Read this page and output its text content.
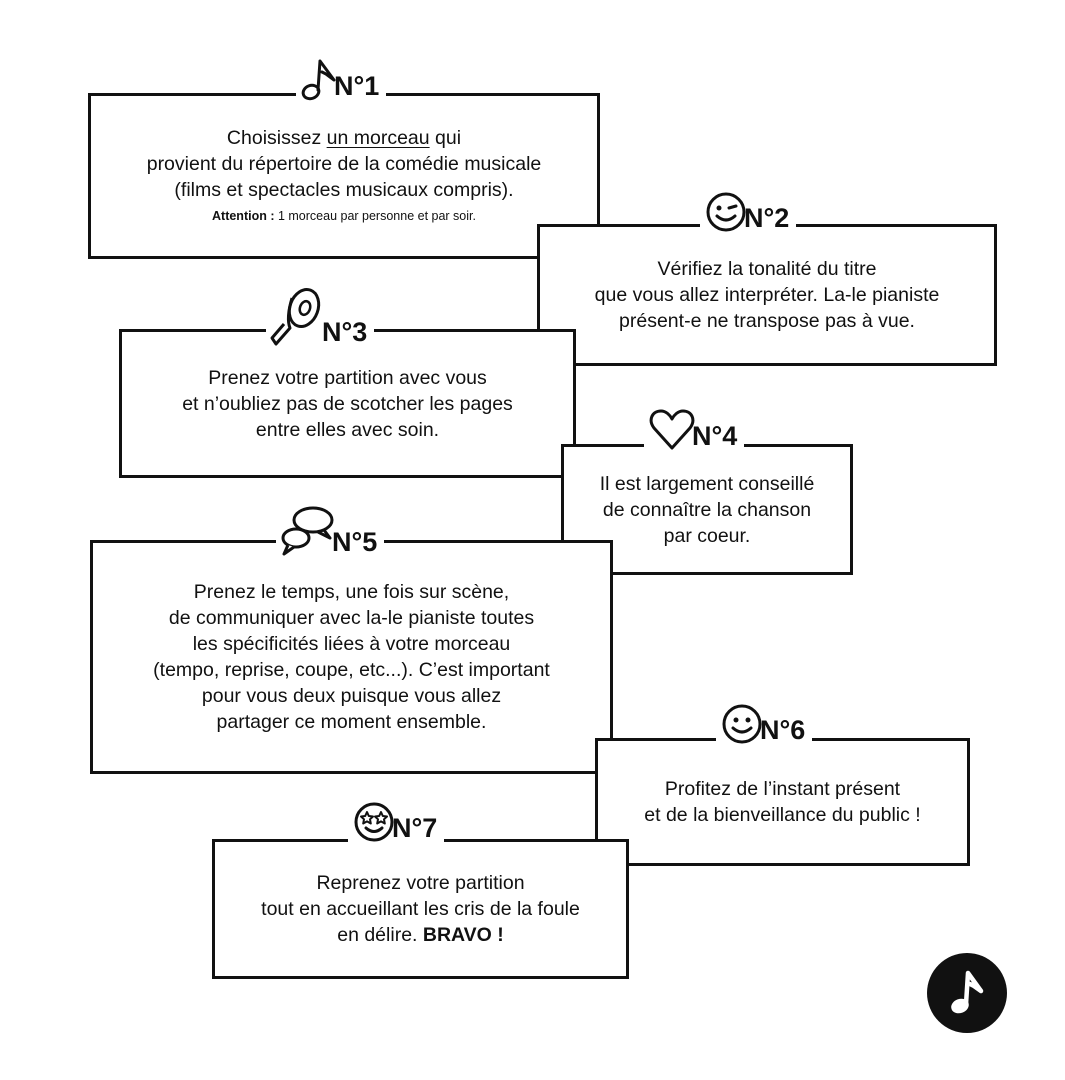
Choisissez un morceau qui
provient du répertoire de la comédie musicale
(films et spectacles musicaux compris).
Attention : 1 morceau par personne et par soir.
N°1
Vérifiez la tonalité du titre
que vous allez interpréter. La-le pianiste
présent-e ne transpose pas à vue.
N°2
Prenez votre partition avec vous
et n’oubliez pas de scotcher les pages
entre elles avec soin.
N°3
Il est largement conseillé
de connaître la chanson
par coeur.
N°4
Prenez le temps, une fois sur scène,
de communiquer avec la-le pianiste toutes
les spécificités liées à votre morceau
(tempo, reprise, coupe, etc...). C’est important
pour vous deux puisque vous allez
partager ce moment ensemble.
N°5
Profitez de l’instant présent
et de la bienveillance du public !
N°6
Reprenez votre partition
tout en accueillant les cris de la foule
en délire. BRAVO !
N°7
